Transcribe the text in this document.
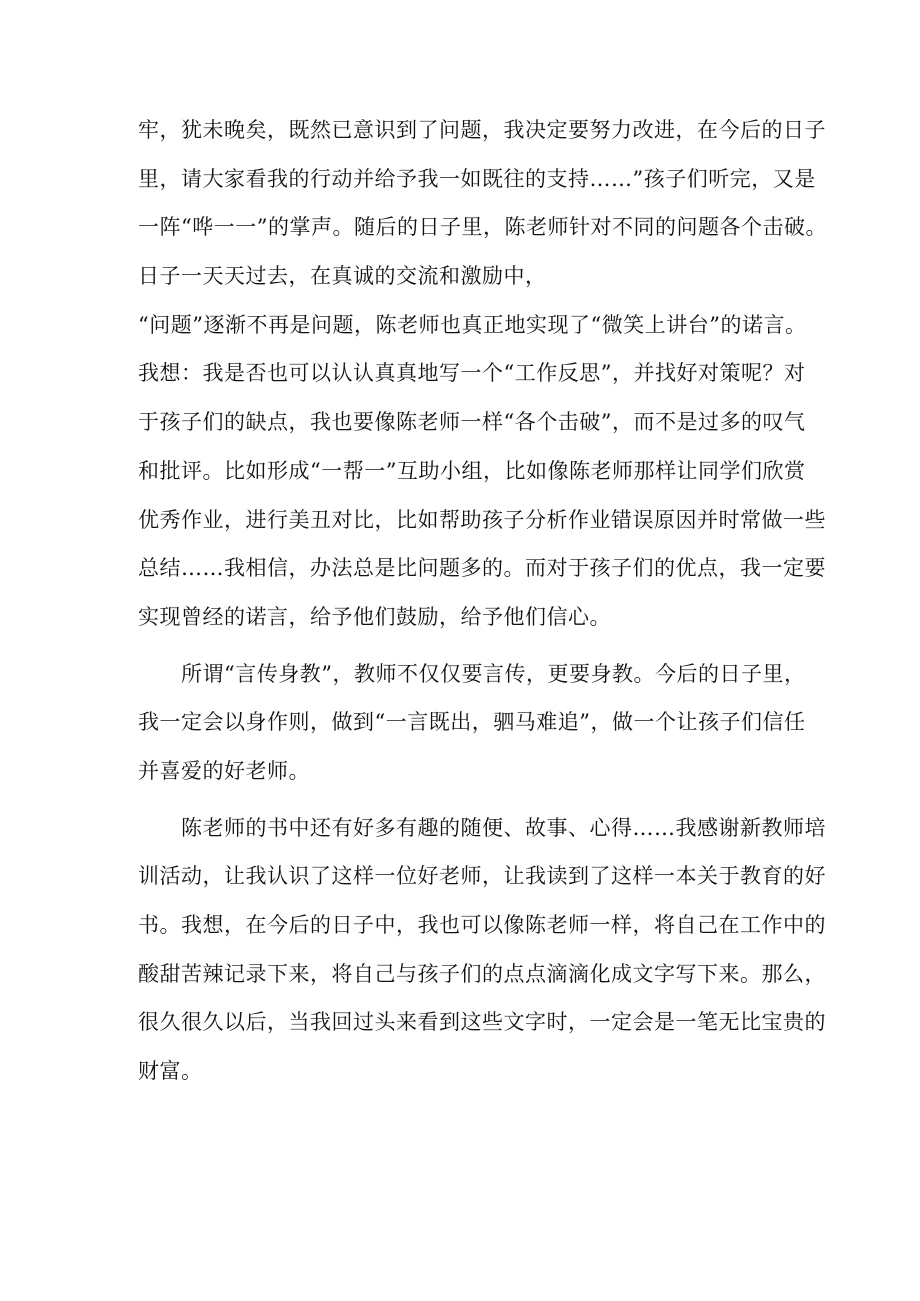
牢，犹未晚矣，既然已意识到了问题，我决定要努力改进，在今后的日子
里，请大家看我的行动并给予我一如既往的支持……”孩子们听完，又是
一阵“哗一一”的掌声。随后的日子里，陈老师针对不同的问题各个击破。
日子一天天过去，在真诚的交流和激励中，
“问题”逐渐不再是问题，陈老师也真正地实现了“微笑上讲台”的诺言。
我想：我是否也可以认认真真地写一个“工作反思”，并找好对策呢？对
于孩子们的缺点，我也要像陈老师一样“各个击破”，而不是过多的叹气
和批评。比如形成“一帮一”互助小组，比如像陈老师那样让同学们欣赏
优秀作业，进行美丑对比，比如帮助孩子分析作业错误原因并时常做一些
总结……我相信，办法总是比问题多的。而对于孩子们的优点，我一定要
实现曾经的诺言，给予他们鼓励，给予他们信心。
　　所谓“言传身教”，教师不仅仅要言传，更要身教。今后的日子里，
我一定会以身作则，做到“一言既出，驷马难追”，做一个让孩子们信任
并喜爱的好老师。
　　陈老师的书中还有好多有趣的随便、故事、心得……我感谢新教师培
训活动，让我认识了这样一位好老师，让我读到了这样一本关于教育的好
书。我想，在今后的日子中，我也可以像陈老师一样，将自己在工作中的
酸甜苦辣记录下来，将自己与孩子们的点点滴滴化成文字写下来。那么，
很久很久以后，当我回过头来看到这些文字时，一定会是一笔无比宝贵的
财富。
